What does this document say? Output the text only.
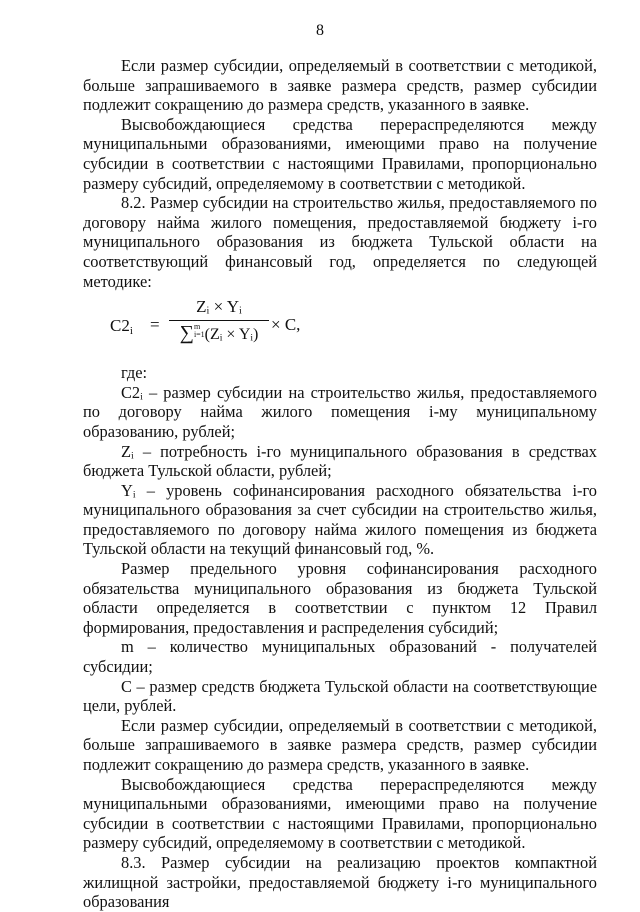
8

Если размер субсидии, определяемый в соответствии с методикой, больше запрашиваемого в заявке размера средств, размер субсидии подлежит сокращению до размера средств, указанного в заявке.

Высвобождающиеся средства перераспределяются между муниципальными образованиями, имеющими право на получение субсидии в соответствии с настоящими Правилами, пропорционально размеру субсидий, определяемому в соответствии с методикой.

8.2. Размер субсидии на строительство жилья, предоставляемого по договору найма жилого помещения, предоставляемой бюджету i-го муниципального образования из бюджета Тульской области на соответствующий финансовый год, определяется по следующей методике:

$C2_i$ =
Zᵢ × Yᵢ
∑m
i=1(Zᵢ × Yᵢ)
× C,

где:

C2ᵢ – размер субсидии на строительство жилья, предоставляемого по договору найма жилого помещения i-му муниципальному образованию, рублей;

Zᵢ – потребность i-го муниципального образования в средствах бюджета Тульской области, рублей;

Yᵢ – уровень софинансирования расходного обязательства i-го муниципального образования за счет субсидии на строительство жилья, предоставляемого по договору найма жилого помещения из бюджета Тульской области на текущий финансовый год, %.

Размер предельного уровня софинансирования расходного обязательства муниципального образования из бюджета Тульской области определяется в соответствии с пунктом 12 Правил формирования, предоставления и распределения субсидий;

m – количество муниципальных образований - получателей субсидии;

С – размер средств бюджета Тульской области на соответствующие цели, рублей.

Если размер субсидии, определяемый в соответствии с методикой, больше запрашиваемого в заявке размера средств, размер субсидии подлежит сокращению до размера средств, указанного в заявке.

Высвобождающиеся средства перераспределяются между муниципальными образованиями, имеющими право на получение субсидии в соответствии с настоящими Правилами, пропорционально размеру субсидий, определяемому в соответствии с методикой.

8.3. Размер субсидии на реализацию проектов компактной жилищной застройки, предоставляемой бюджету i-го муниципального образования
